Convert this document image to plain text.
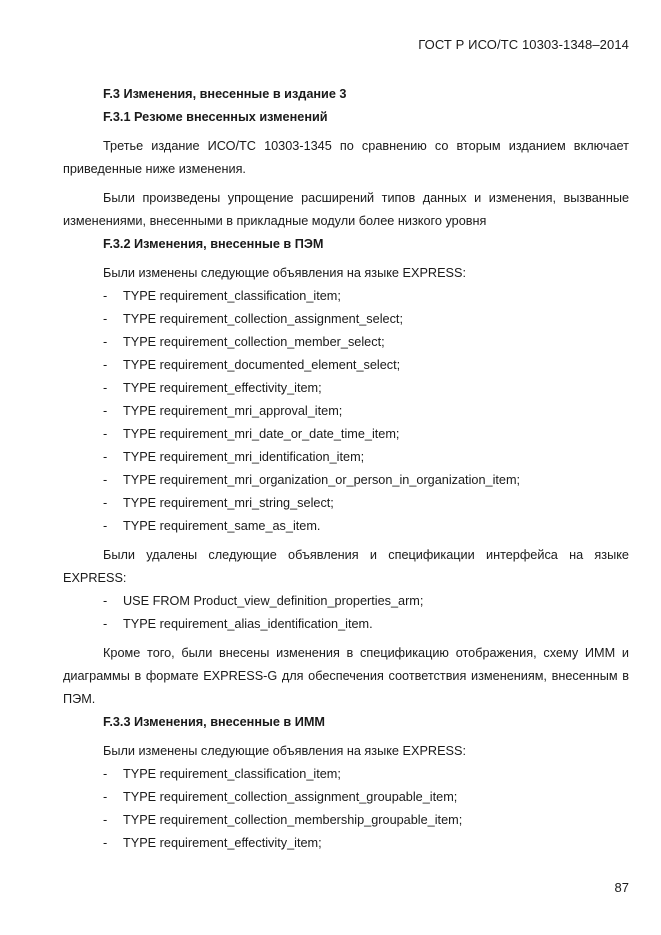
ГОСТ Р ИСО/ТС 10303-1348–2014
F.3 Изменения, внесенные в издание 3
F.3.1 Резюме внесенных изменений
Третье издание ИСО/ТС 10303-1345 по сравнению со вторым изданием включает приведенные ниже изменения.
Были произведены упрощение расширений типов данных и изменения, вызванные изменениями, внесенными в прикладные модули более низкого уровня
F.3.2 Изменения, внесенные в ПЭМ
Были изменены следующие объявления на языке EXPRESS:
- TYPE requirement_classification_item;
- TYPE requirement_collection_assignment_select;
- TYPE requirement_collection_member_select;
- TYPE requirement_documented_element_select;
- TYPE requirement_effectivity_item;
- TYPE requirement_mri_approval_item;
- TYPE requirement_mri_date_or_date_time_item;
- TYPE requirement_mri_identification_item;
- TYPE requirement_mri_organization_or_person_in_organization_item;
- TYPE requirement_mri_string_select;
- TYPE requirement_same_as_item.
Были удалены следующие объявления и спецификации интерфейса на языке EXPRESS:
- USE FROM Product_view_definition_properties_arm;
- TYPE requirement_alias_identification_item.
Кроме того, были внесены изменения в спецификацию отображения, схему ИММ и диаграммы в формате EXPRESS-G для обеспечения соответствия изменениям, внесенным в ПЭМ.
F.3.3 Изменения, внесенные в ИММ
Были изменены следующие объявления на языке EXPRESS:
- TYPE requirement_classification_item;
- TYPE requirement_collection_assignment_groupable_item;
- TYPE requirement_collection_membership_groupable_item;
- TYPE requirement_effectivity_item;
87
